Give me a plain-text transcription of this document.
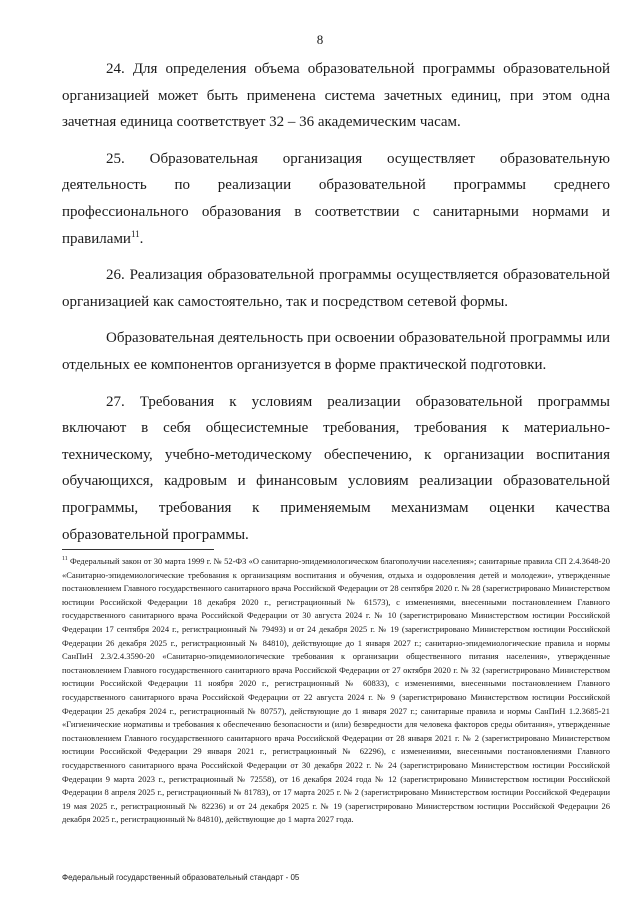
8

24. Для определения объема образовательной программы образовательной организацией может быть применена система зачетных единиц, при этом одна зачетная единица соответствует 32 – 36 академическим часам.

25. Образовательная организация осуществляет образовательную деятельность по реализации образовательной программы среднего профессионального образования в соответствии с санитарными нормами и правилами$^{11}$.

26. Реализация образовательной программы осуществляется образовательной организацией как самостоятельно, так и посредством сетевой формы.

Образовательная деятельность при освоении образовательной программы или отдельных ее компонентов организуется в форме практической подготовки.

27. Требования к условиям реализации образовательной программы включают в себя общесистемные требования, требования к материально-техническому, учебно-методическому обеспечению, к организации воспитания обучающихся, кадровым и финансовым условиям реализации образовательной программы, требования к применяемым механизмам оценки качества образовательной программы.

$^{11}$ Федеральный закон от 30 марта 1999 г. № 52-ФЗ «О санитарно-эпидемиологическом благополучии населения»; санитарные правила СП 2.4.3648-20 «Санитарно-эпидемиологические требования к организациям воспитания и обучения, отдыха и оздоровления детей и молодежи», утвержденные постановлением Главного государственного санитарного врача Российской Федерации от 28 сентября 2020 г. № 28 (зарегистрировано Министерством юстиции Российской Федерации 18 декабря 2020 г., регистрационный № 61573), с изменениями, внесенными постановлением Главного государственного санитарного врача Российской Федерации от 30 августа 2024 г. № 10 (зарегистрировано Министерством юстиции Российской Федерации 17 сентября 2024 г., регистрационный № 79493) и от 24 декабря 2025 г. № 19 (зарегистрировано Министерством юстиции Российской Федерации 26 декабря 2025 г., регистрационный № 84810), действующие до 1 января 2027 г.; санитарно-эпидемиологические правила и нормы СанПиН 2.3/2.4.3590-20 «Санитарно-эпидемиологические требования к организации общественного питания населения», утвержденные постановлением Главного государственного санитарного врача Российской Федерации от 27 октября 2020 г. № 32 (зарегистрировано Министерством юстиции Российской Федерации 11 ноября 2020 г., регистрационный № 60833), с изменениями, внесенными постановлением Главного государственного санитарного врача Российской Федерации от 22 августа 2024 г. № 9 (зарегистрировано Министерством юстиции Российской Федерации 25 декабря 2024 г., регистрационный № 80757), действующие до 1 января 2027 г.; санитарные правила и нормы СанПиН 1.2.3685-21 «Гигиенические нормативы и требования к обеспечению безопасности и (или) безвредности для человека факторов среды обитания», утвержденные постановлением Главного государственного санитарного врача Российской Федерации от 28 января 2021 г. № 2 (зарегистрировано Министерством юстиции Российской Федерации 29 января 2021 г., регистрационный № 62296), с изменениями, внесенными постановлениями Главного государственного санитарного врача Российской Федерации от 30 декабря 2022 г. № 24 (зарегистрировано Министерством юстиции Российской Федерации 9 марта 2023 г., регистрационный № 72558), от 16 декабря 2024 года № 12 (зарегистрировано Министерством юстиции Российской Федерации 8 апреля 2025 г., регистрационный № 81783), от 17 марта 2025 г. № 2 (зарегистрировано Министерством юстиции Российской Федерации 19 мая 2025 г., регистрационный № 82236) и от 24 декабря 2025 г. № 19 (зарегистрировано Министерством юстиции Российской Федерации 26 декабря 2025 г., регистрационный № 84810), действующие до 1 марта 2027 года.

Федеральный государственный образовательный стандарт - 05
